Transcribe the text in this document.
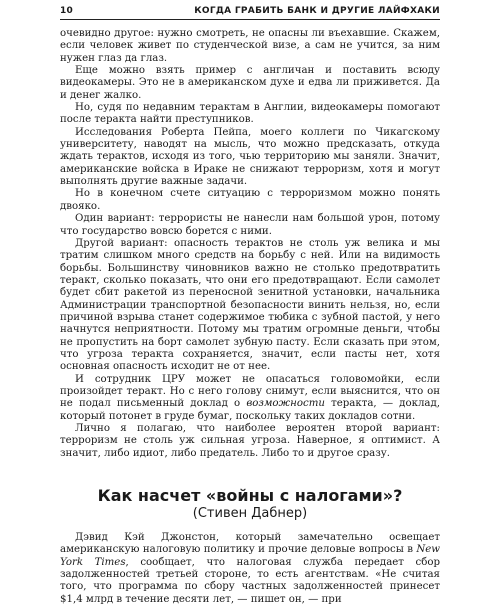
10	КОГДА ГРАБИТЬ БАНК И ДРУГИЕ ЛАЙФХАКИ

очевидно другое: нужно смотреть, не опасны ли въехавшие. Скажем, если человек живет по студенческой визе, а сам не учится, за ним нужен глаз да глаз.

Еще можно взять пример с англичан и поставить всюду видеокамеры. Это не в американском духе и едва ли приживется. Да и денег жалко.

Но, судя по недавним терактам в Англии, видеокамеры помогают после теракта найти преступников.

Исследования Роберта Пейпа, моего коллеги по Чикагскому университету, наводят на мысль, что можно предсказать, откуда ждать терактов, исходя из того, чью территорию мы заняли. Значит, американские войска в Ираке не снижают терроризм, хотя и могут выполнять другие важные задачи.

Но в конечном счете ситуацию с терроризмом можно понять двояко.

Один вариант: террористы не нанесли нам большой урон, потому что государство вовсю борется с ними.

Другой вариант: опасность терактов не столь уж велика и мы тратим слишком много средств на борьбу с ней. Или на видимость борьбы. Большинству чиновников важно не столько предотвратить теракт, сколько показать, что они его предотвращают. Если самолет будет сбит ракетой из переносной зенитной установки, начальника Администрации транспортной безопасности винить нельзя, но, если причиной взрыва станет содержимое тюбика с зубной пастой, у него начнутся неприятности. Потому мы тратим огромные деньги, чтобы не пропустить на борт самолет зубную пасту. Если сказать при этом, что угроза теракта сохраняется, значит, если пасты нет, хотя основная опасность исходит не от нее.

И сотрудник ЦРУ может не опасаться головомойки, если произойдет теракт. Но с него голову снимут, если выяснится, что он не подал письменный доклад о возможности теракта, — доклад, который потонет в груде бумаг, поскольку таких докладов сотни.

Лично я полагаю, что наиболее вероятен второй вариант: терроризм не столь уж сильная угроза. Наверное, я оптимист. А значит, либо идиот, либо предатель. Либо то и другое сразу.

Как насчет «войны с налогами»?
(Стивен Дабнер)

Дэвид Кэй Джонстон, который замечательно освещает американскую налоговую политику и прочие деловые вопросы в New York Times, сообщает, что налоговая служба передает сбор задолженностей третьей стороне, то есть агентствам. «Не считая того, что программа по сбору частных задолженностей принесет $1,4 млрд в течение десяти лет, — пишет он, — при
